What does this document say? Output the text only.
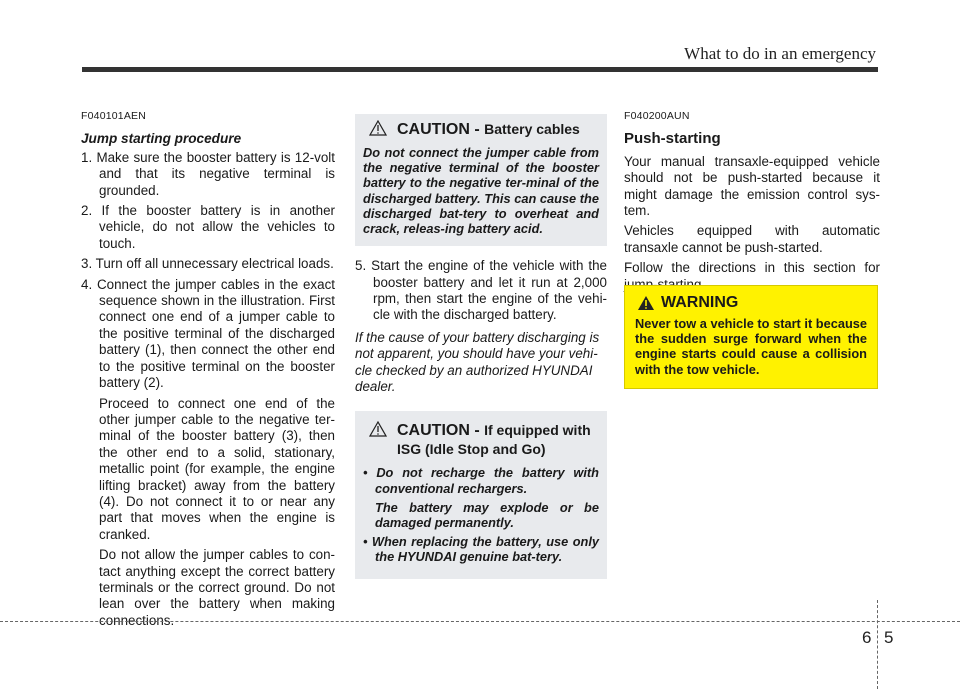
What to do in an emergency
F040101AEN
Jump starting procedure

1. Make sure the booster battery is 12-volt and that its negative terminal is grounded.

2. If the booster battery is in another vehicle, do not allow the vehicles to touch.

3. Turn off all unnecessary electrical loads.

4. Connect the jumper cables in the exact sequence shown in the illustration. First connect one end of a jumper cable to the positive terminal of the discharged battery (1), then connect the other end to the positive terminal on the booster battery (2).

Proceed to connect one end of the other jumper cable to the negative ter-minal of the booster battery (3), then the other end to a solid, stationary, metallic point (for example, the engine lifting bracket) away from the battery (4). Do not connect it to or near any part that moves when the engine is cranked.

Do not allow the jumper cables to con-tact anything except the correct battery terminals or the correct ground. Do not lean over the battery when making connections.

CAUTION - Battery cables
Do not connect the jumper cable from the negative terminal of the booster battery to the negative ter-minal of the discharged battery. This can cause the discharged bat-tery to overheat and crack, releas-ing battery acid.

5. Start the engine of the vehicle with the booster battery and let it run at 2,000 rpm, then start the engine of the vehi-cle with the discharged battery.

If the cause of your battery discharging is not apparent, you should have your vehi-cle checked by an authorized HYUNDAI dealer.

CAUTION - If equipped with ISG (Idle Stop and Go)

• Do not recharge the battery with conventional rechargers.

The battery may explode or be damaged permanently.

• When replacing the battery, use only the HYUNDAI genuine bat-tery.

F040200AUN
Push-starting

Your manual transaxle-equipped vehicle should not be push-started because it might damage the emission control sys-tem.

Vehicles equipped with automatic transaxle cannot be push-started.

Follow the directions in this section for

WARNING
Never tow a vehicle to start it because the sudden surge forward when the engine starts could cause a collision with the tow vehicle.
6 5
